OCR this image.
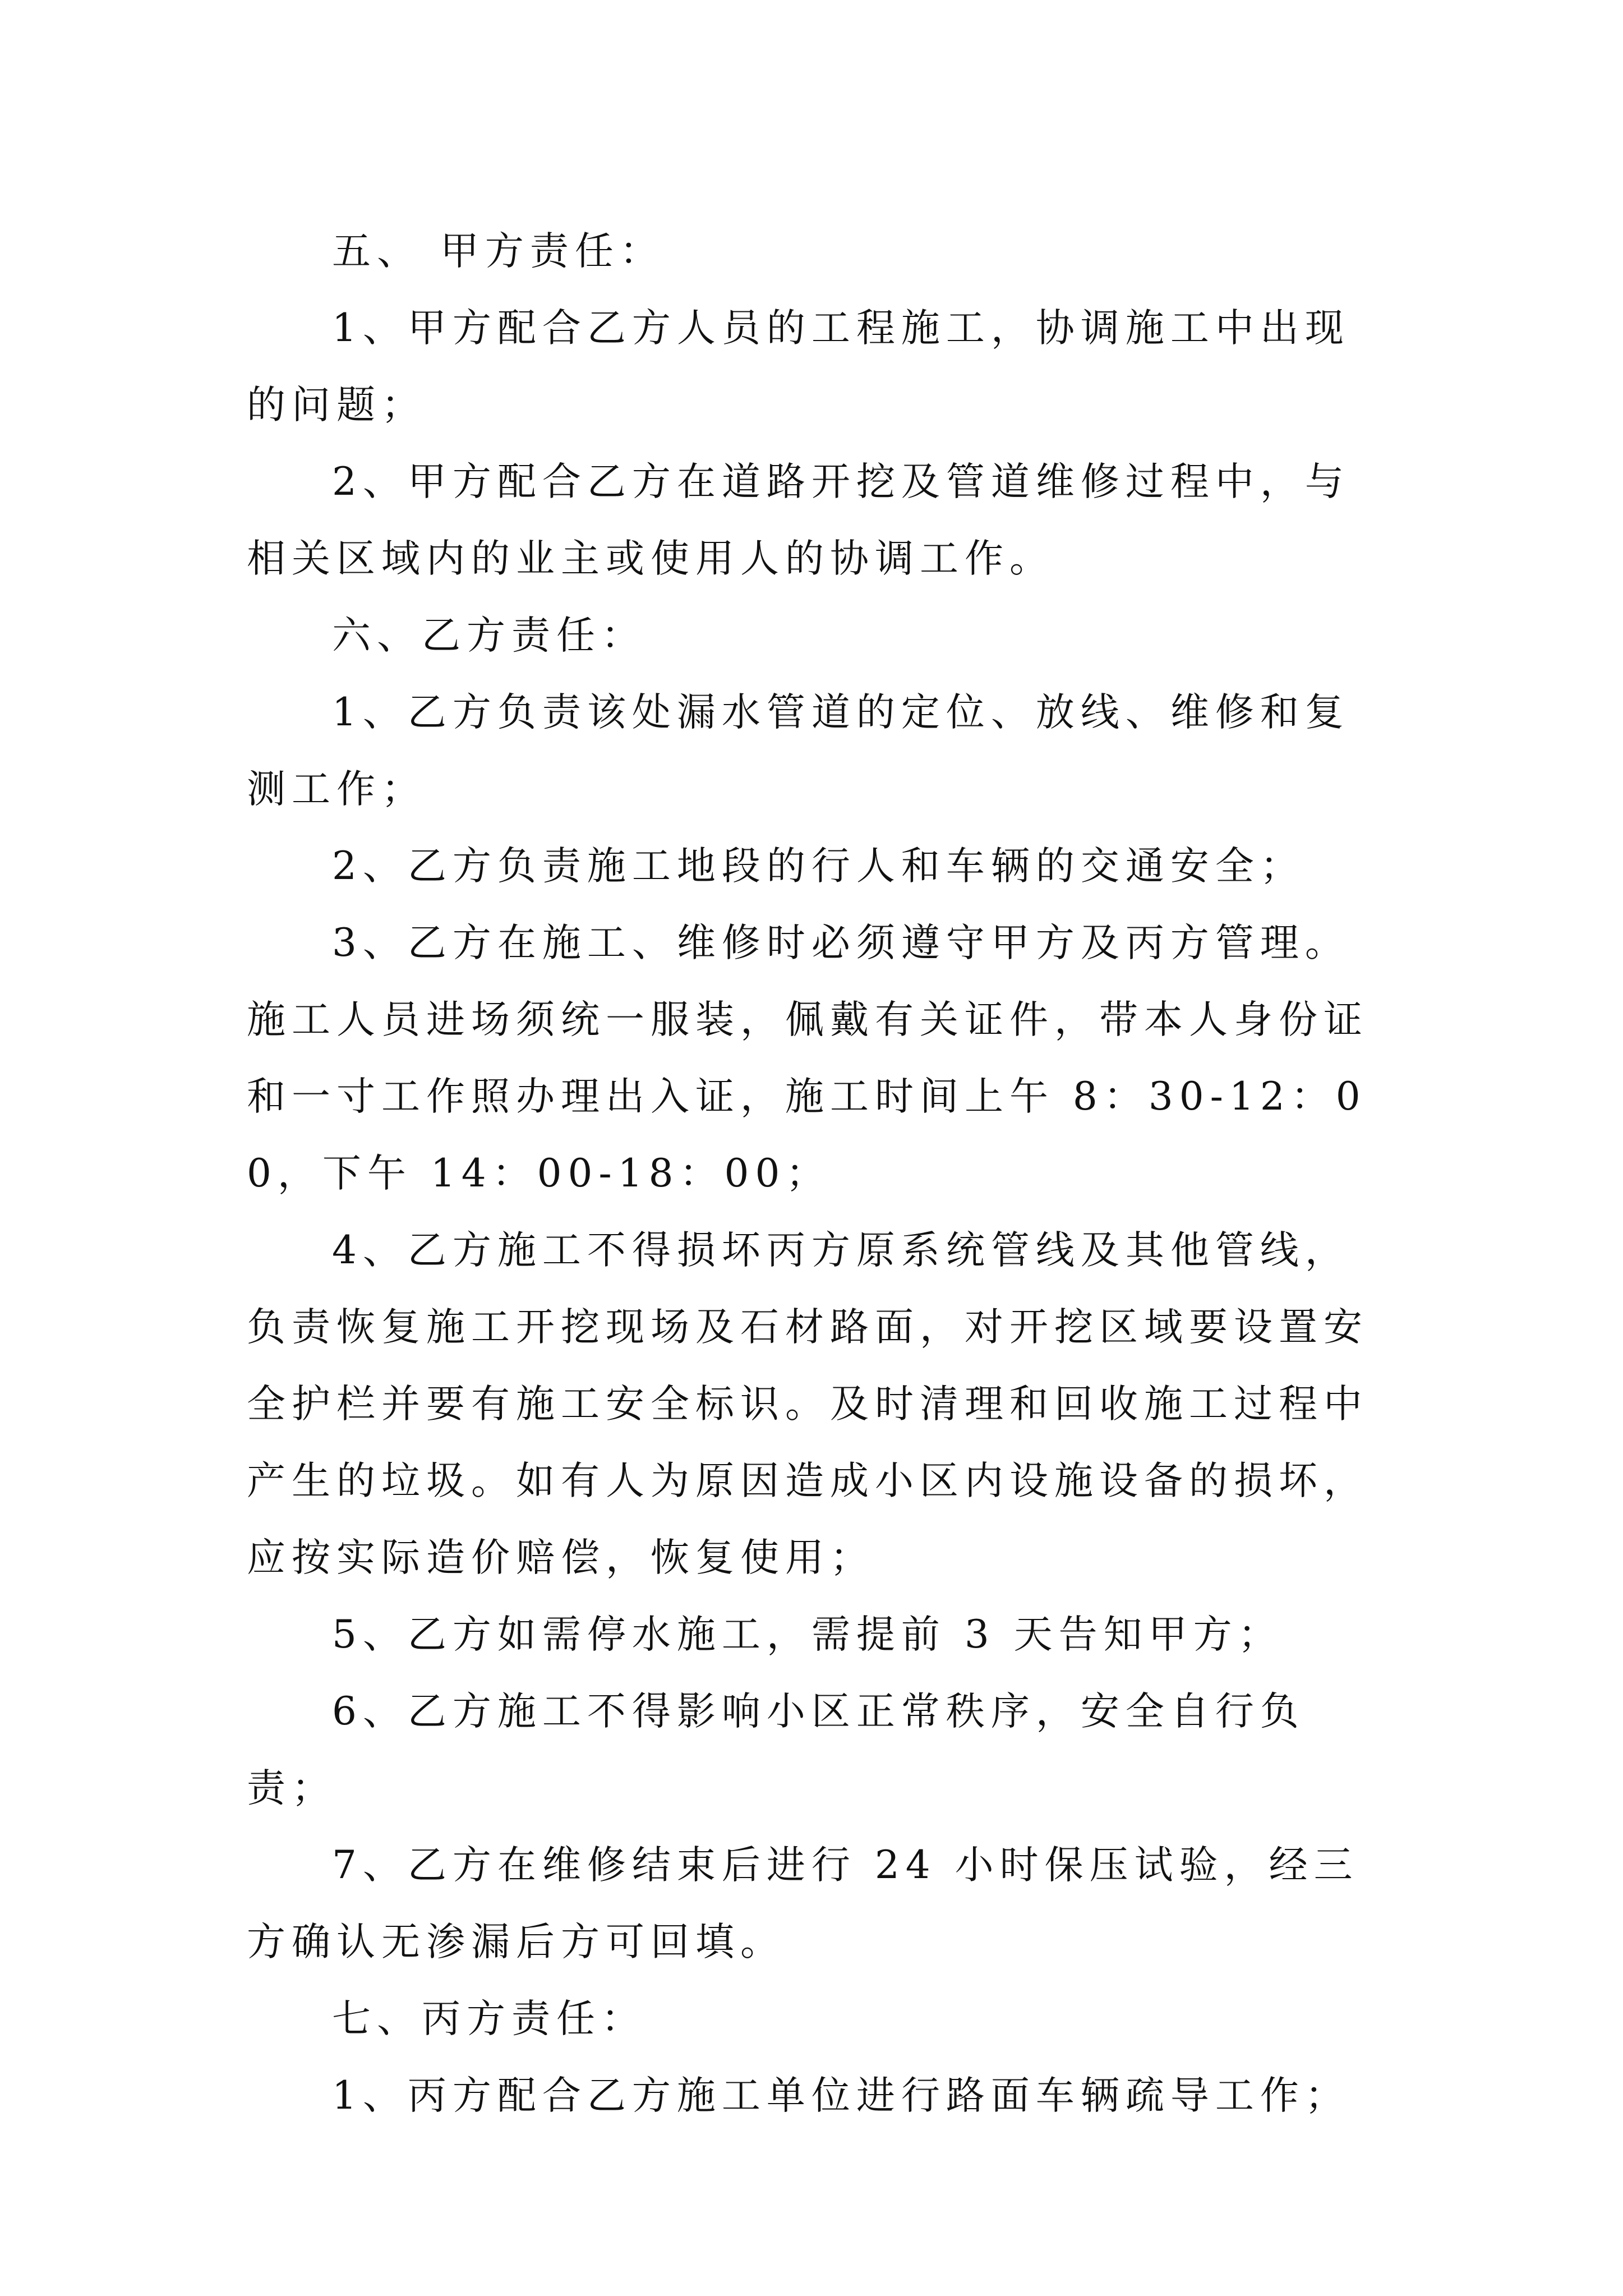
五、 甲方责任：

1、甲方配合乙方人员的工程施工，协调施工中出现的问题；

2、甲方配合乙方在道路开挖及管道维修过程中，与相关区域内的业主或使用人的协调工作。

六、乙方责任：

1、乙方负责该处漏水管道的定位、放线、维修和复测工作；

2、乙方负责施工地段的行人和车辆的交通安全；

3、乙方在施工、维修时必须遵守甲方及丙方管理。施工人员进场须统一服装，佩戴有关证件，带本人身份证和一寸工作照办理出入证，施工时间上午 8：30-12：00，下午 14：00-18：00；

4、乙方施工不得损坏丙方原系统管线及其他管线，负责恢复施工开挖现场及石材路面，对开挖区域要设置安全护栏并要有施工安全标识。及时清理和回收施工过程中产生的垃圾。如有人为原因造成小区内设施设备的损坏，应按实际造价赔偿，恢复使用；

5、乙方如需停水施工，需提前 3 天告知甲方；

6、乙方施工不得影响小区正常秩序，安全自行负责；

7、乙方在维修结束后进行 24 小时保压试验，经三方确认无渗漏后方可回填。

七、丙方责任：

1、丙方配合乙方施工单位进行路面车辆疏导工作；
